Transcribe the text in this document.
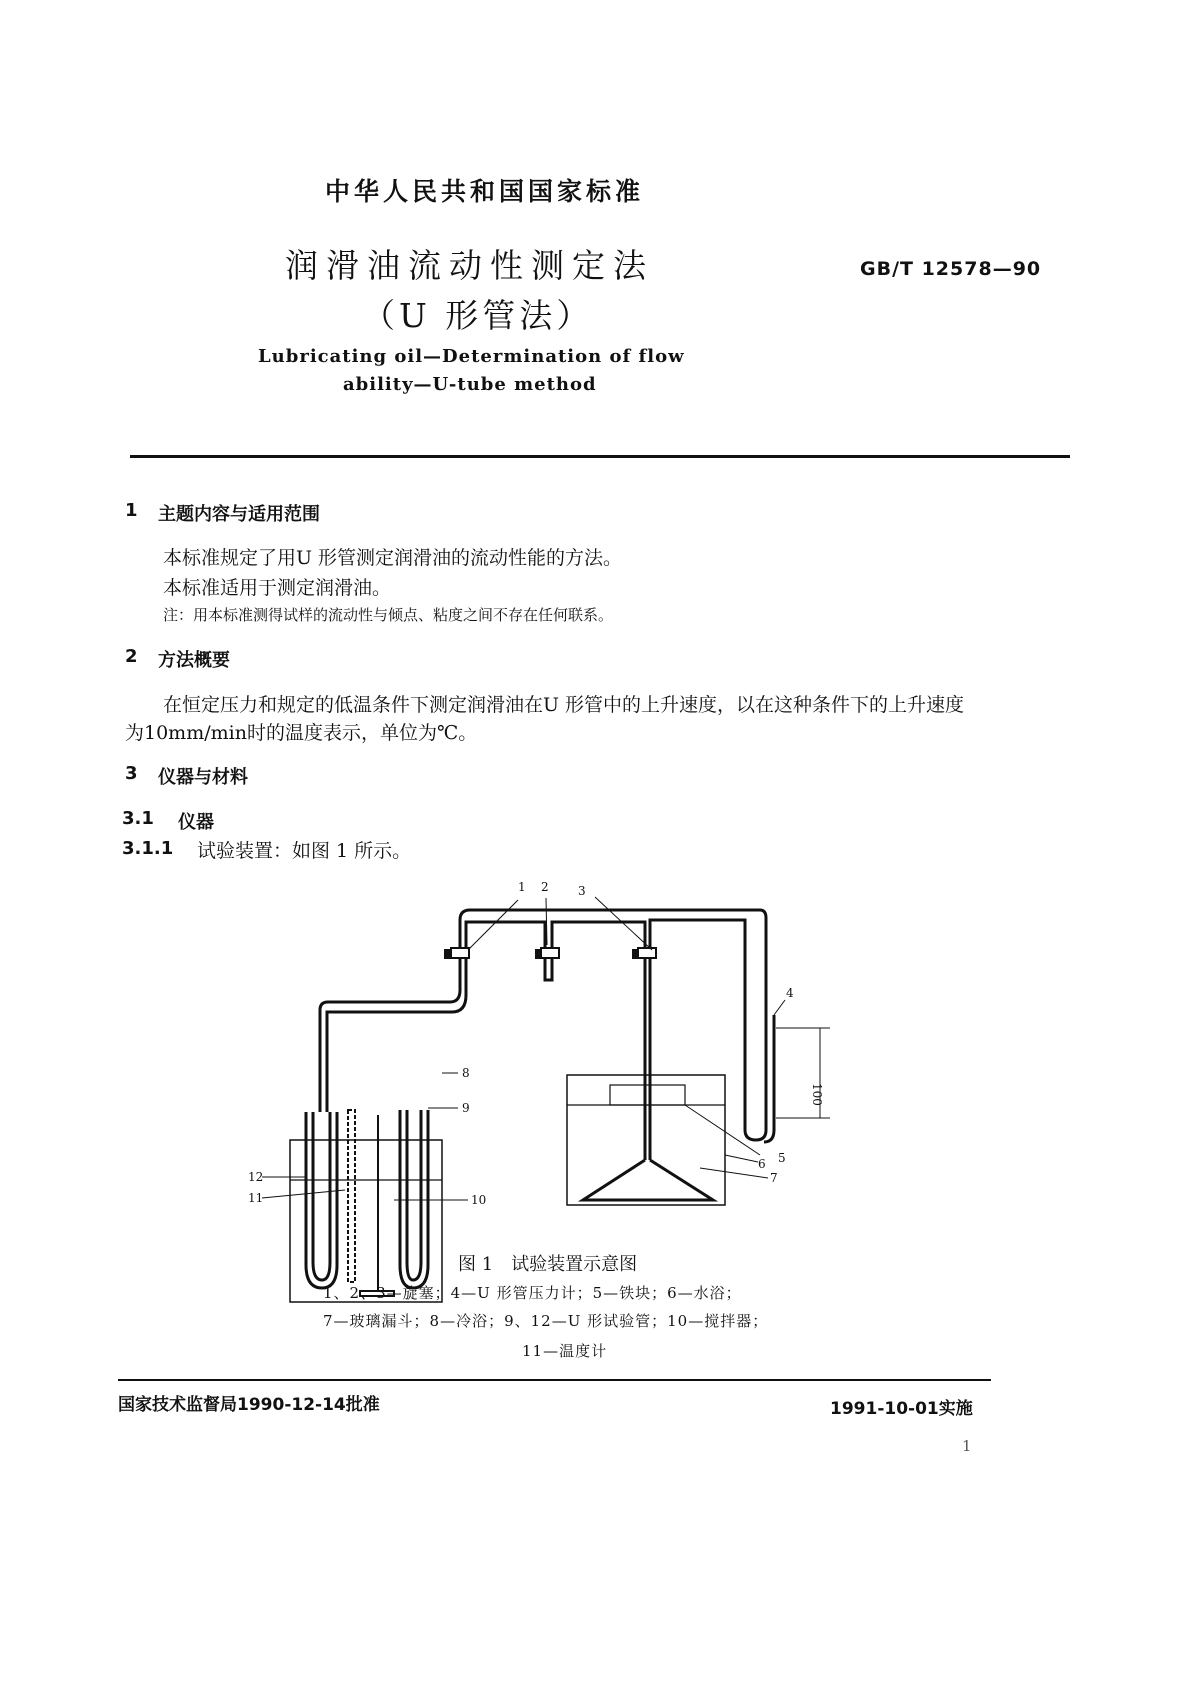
中华人民共和国国家标准
润滑油流动性测定法
（U 形管法）
GB/T 12578—90
Lubricating oil—Determination of flow
ability—U-tube method
1 主题内容与适用范围
本标准规定了用U 形管测定润滑油的流动性能的方法。
本标准适用于测定润滑油。
注：用本标准测得试样的流动性与倾点、粘度之间不存在任何联系。
2 方法概要
在恒定压力和规定的低温条件下测定润滑油在U 形管中的上升速度，以在这种条件下的上升速度
为10mm/min时的温度表示，单位为℃。
3 仪器与材料
3.1 仪器
3.1.1 试验装置：如图 1 所示。
1 2 3
4
5
6
7
8
9
10
11
12
100
图 1　试验装置示意图
1、2、3—旋塞；4—U 形管压力计；5—铁块；6—水浴；
7—玻璃漏斗；8—冷浴；9、12—U 形试验管；10—搅拌器；
11—温度计
国家技术监督局1990-12-14批准	1991-10-01实施
1
